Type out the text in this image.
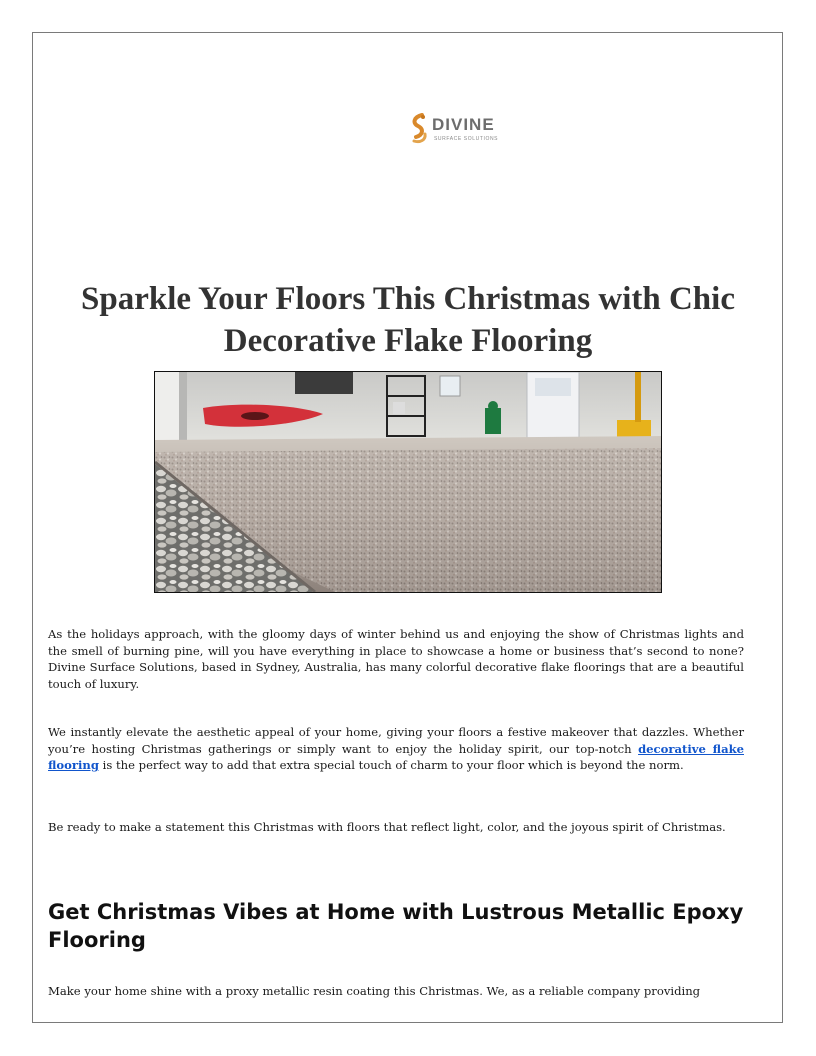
DIVINE
SURFACE SOLUTIONS
Sparkle Your Floors This Christmas with Chic Decorative Flake Flooring

As the holidays approach, with the gloomy days of winter behind us and enjoying the show of Christmas lights and the smell of burning pine, will you have everything in place to showcase a home or business that’s second to none? Divine Surface Solutions, based in Sydney, Australia, has many colorful decorative flake floorings that are a beautiful touch of luxury.

We instantly elevate the aesthetic appeal of your home, giving your floors a festive makeover that dazzles. Whether you’re hosting Christmas gatherings or simply want to enjoy the holiday spirit, our top-notch decorative flake flooring is the perfect way to add that extra special touch of charm to your floor which is beyond the norm.

Be ready to make a statement this Christmas with floors that reflect light, color, and the joyous spirit of Christmas.

Get Christmas Vibes at Home with Lustrous Metallic Epoxy Flooring

Make your home shine with a proxy metallic resin coating this Christmas. We, as a reliable company providing
